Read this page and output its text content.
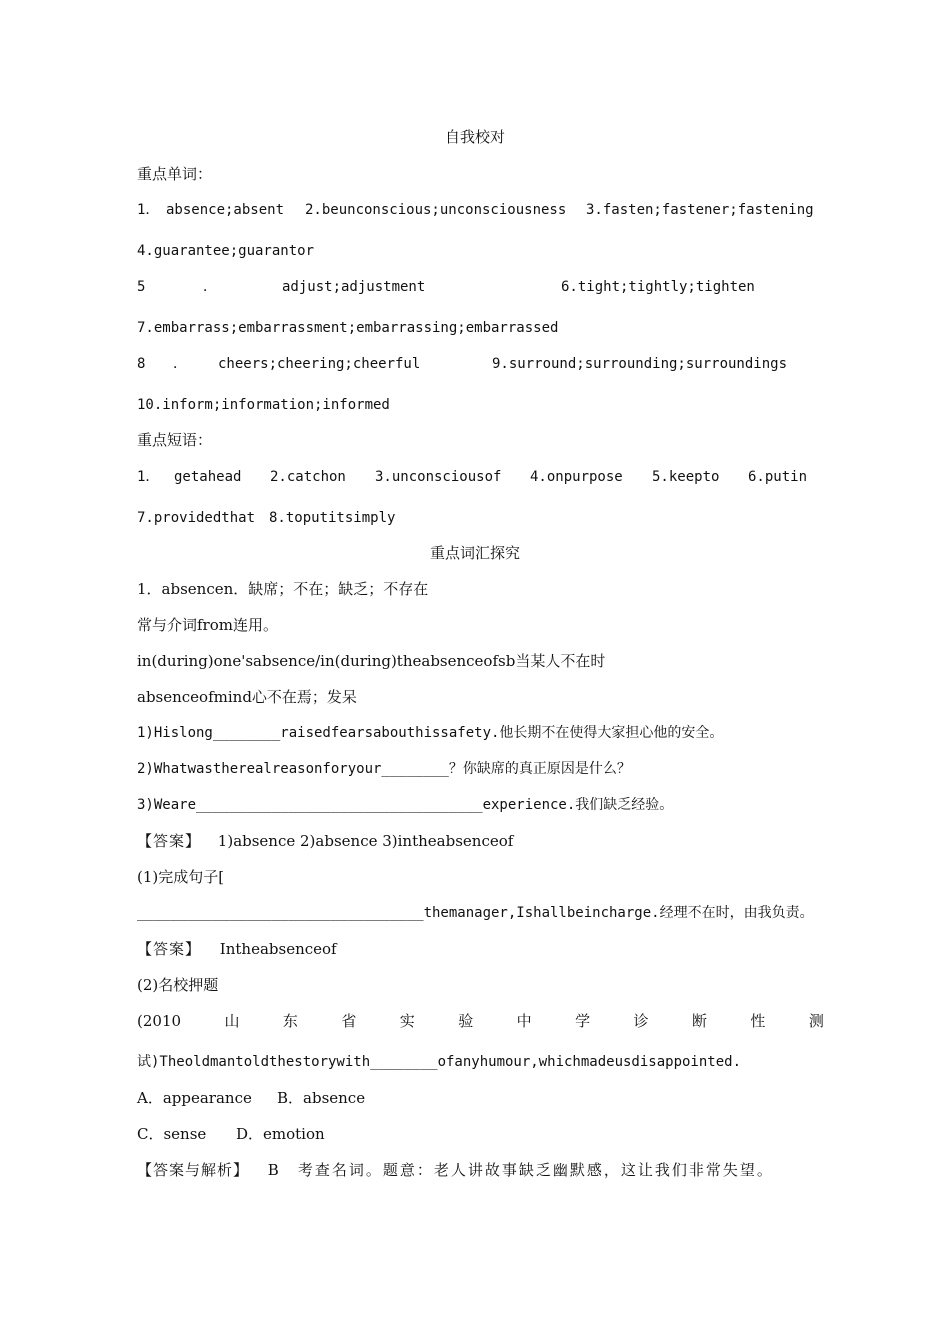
自我校对
重点单词：
1． absence;absent 2.beunconscious;unconsciousness 3.fasten;fastener;fastening
4.guarantee;guarantor
5	．	adjust;adjustment	6.tight;tightly;tighten
7.embarrass;embarrassment;embarrassing;embarrassed
8 ． cheers;cheering;cheerful	9.surround;surrounding;surroundings
10.inform;information;informed
重点短语：
1． getahead 2.catchon 3.unconsciousof 4.onpurpose 5.keepto 6.putin
7.providedthat 8.toputitsimply
重点词汇探究
1．absencen．缺席；不在；缺乏；不存在
常与介词from连用。
in(during)one'sabsence/in(during)theabsenceofsb当某人不在时
absenceofmind心不在焉；发呆
1)Hislong________raisedfearsabouthissafety.他长期不在使得大家担心他的安全。
2)Whatwastherealreasonforyour________？你缺席的真正原因是什么？
3)Weare__________________________________experience.我们缺乏经验。
【答案】 1)absence 2)absence 3)intheabsenceof
(1)完成句子[
__________________________________themanager,Ishallbeincharge.经理不在时，由我负责。
【答案】 Intheabsenceof
(2)名校押题
(2010	山	东	省	实	验	中	学	诊	断	性	测
试)Theoldmantoldthestorywith________ofanyhumour,whichmadeusdisappointed.
A．appearance B．absence
C．sense D．emotion
【答案与解析】 B　考查名词。题意：老人讲故事缺乏幽默感，这让我们非常失望。
